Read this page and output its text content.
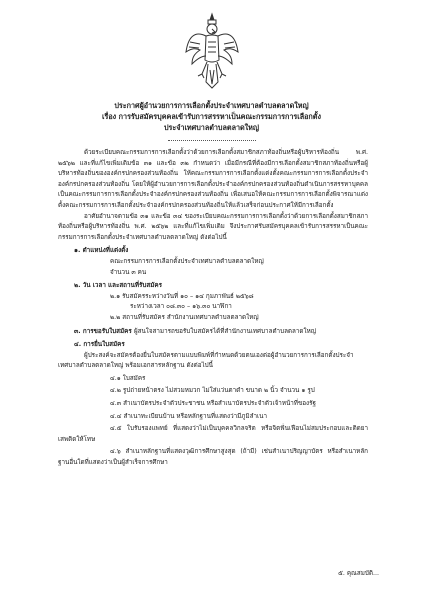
ประกาศผู้อำนวยการการเลือกตั้งประจำเทศบาลตำบลตลาดใหญ่
เรื่อง การรับสมัครบุคคลเข้ารับการสรรหาเป็นคณะกรรมการการเลือกตั้ง
ประจำเทศบาลตำบลตลาดใหญ่

ด้วยระเบียบคณะกรรมการการเลือกตั้งว่าด้วยการเลือกตั้งสมาชิกสภาท้องถิ่นหรือผู้บริหารท้องถิ่น พ.ศ. ๒๕๖๒ และที่แก้ไขเพิ่มเติมข้อ ๓๑ และข้อ ๓๒ กำหนดว่า เมื่อมีกรณีที่ต้องมีการเลือกตั้งสมาชิกสภาท้องถิ่นหรือผู้บริหารท้องถิ่นขององค์กรปกครองส่วนท้องถิ่น ให้คณะกรรมการการเลือกตั้งแต่งตั้งคณะกรรมการการเลือกตั้งประจำองค์กรปกครองส่วนท้องถิ่น โดยให้ผู้อำนวยการการเลือกตั้งประจำองค์กรปกครองส่วนท้องถิ่นดำเนินการสรรหาบุคคลเป็นคณะกรรมการการเลือกตั้งประจำองค์กรปกครองส่วนท้องถิ่น เพื่อเสนอให้คณะกรรมการการเลือกตั้งพิจารณาแต่งตั้งคณะกรรมการการเลือกตั้งประจำองค์กรปกครองส่วนท้องถิ่นให้แล้วเสร็จก่อนประกาศให้มีการเลือกตั้ง

อาศัยอำนาจตามข้อ ๓๑ และข้อ ๓๔ ของระเบียบคณะกรรมการการเลือกตั้งว่าด้วยการเลือกตั้งสมาชิกสภาท้องถิ่นหรือผู้บริหารท้องถิ่น พ.ศ. ๒๕๖๒ และที่แก้ไขเพิ่มเติม จึงประกาศรับสมัครบุคคลเข้ารับการสรรหาเป็นคณะกรรมการการเลือกตั้งประจำเทศบาลตำบลตลาดใหญ่ ดังต่อไปนี้

๑. ตำแหน่งที่แต่งตั้ง

คณะกรรมการการเลือกตั้งประจำเทศบาลตำบลตลาดใหญ่

จำนวน ๓ คน

๒. วัน เวลา และสถานที่รับสมัคร

๒.๑ รับสมัครระหว่างวันที่ ๑๐ – ๑๔ กุมภาพันธ์ ๒๕๖๘

ระหว่างเวลา ๐๘.๓๐ – ๑๖.๓๐ นาฬิกา

๒.๒ สถานที่รับสมัคร สำนักงานเทศบาลตำบลตลาดใหญ่

๓. การขอรับใบสมัคร ผู้สนใจสามารถขอรับใบสมัครได้ที่สำนักงานเทศบาลตำบลตลาดใหญ่

๔. การยื่นใบสมัคร

ผู้ประสงค์จะสมัครต้องยื่นใบสมัครตามแบบพิมพ์ที่กำหนดด้วยตนเองต่อผู้อำนวยการการเลือกตั้งประจำเทศบาลตำบลตลาดใหญ่ พร้อมเอกสารหลักฐาน ดังต่อไปนี้

๔.๑ ใบสมัคร

๔.๒ รูปถ่ายหน้าตรง ไม่สวมหมวก ไม่ใส่แว่นตาดำ ขนาด ๒ นิ้ว จำนวน ๑ รูป

๔.๓ สำเนาบัตรประจำตัวประชาชน หรือสำเนาบัตรประจำตัวเจ้าหน้าที่ของรัฐ

๔.๔ สำเนาทะเบียนบ้าน หรือหลักฐานที่แสดงว่ามีภูมิลำเนา

๔.๕ ใบรับรองแพทย์ ที่แสดงว่าไม่เป็นบุคคลวิกลจริต หรือจิตฟั่นเฟือนไม่สมประกอบและติดยาเสพติดให้โทษ

๔.๖ สำเนาหลักฐานที่แสดงวุฒิการศึกษาสูงสุด (ถ้ามี) เช่นสำเนาปริญญาบัตร หรือสำเนาหลักฐานอื่นใดที่แสดงว่าเป็นผู้สำเร็จการศึกษา

๕. คุณสมบัติ...
